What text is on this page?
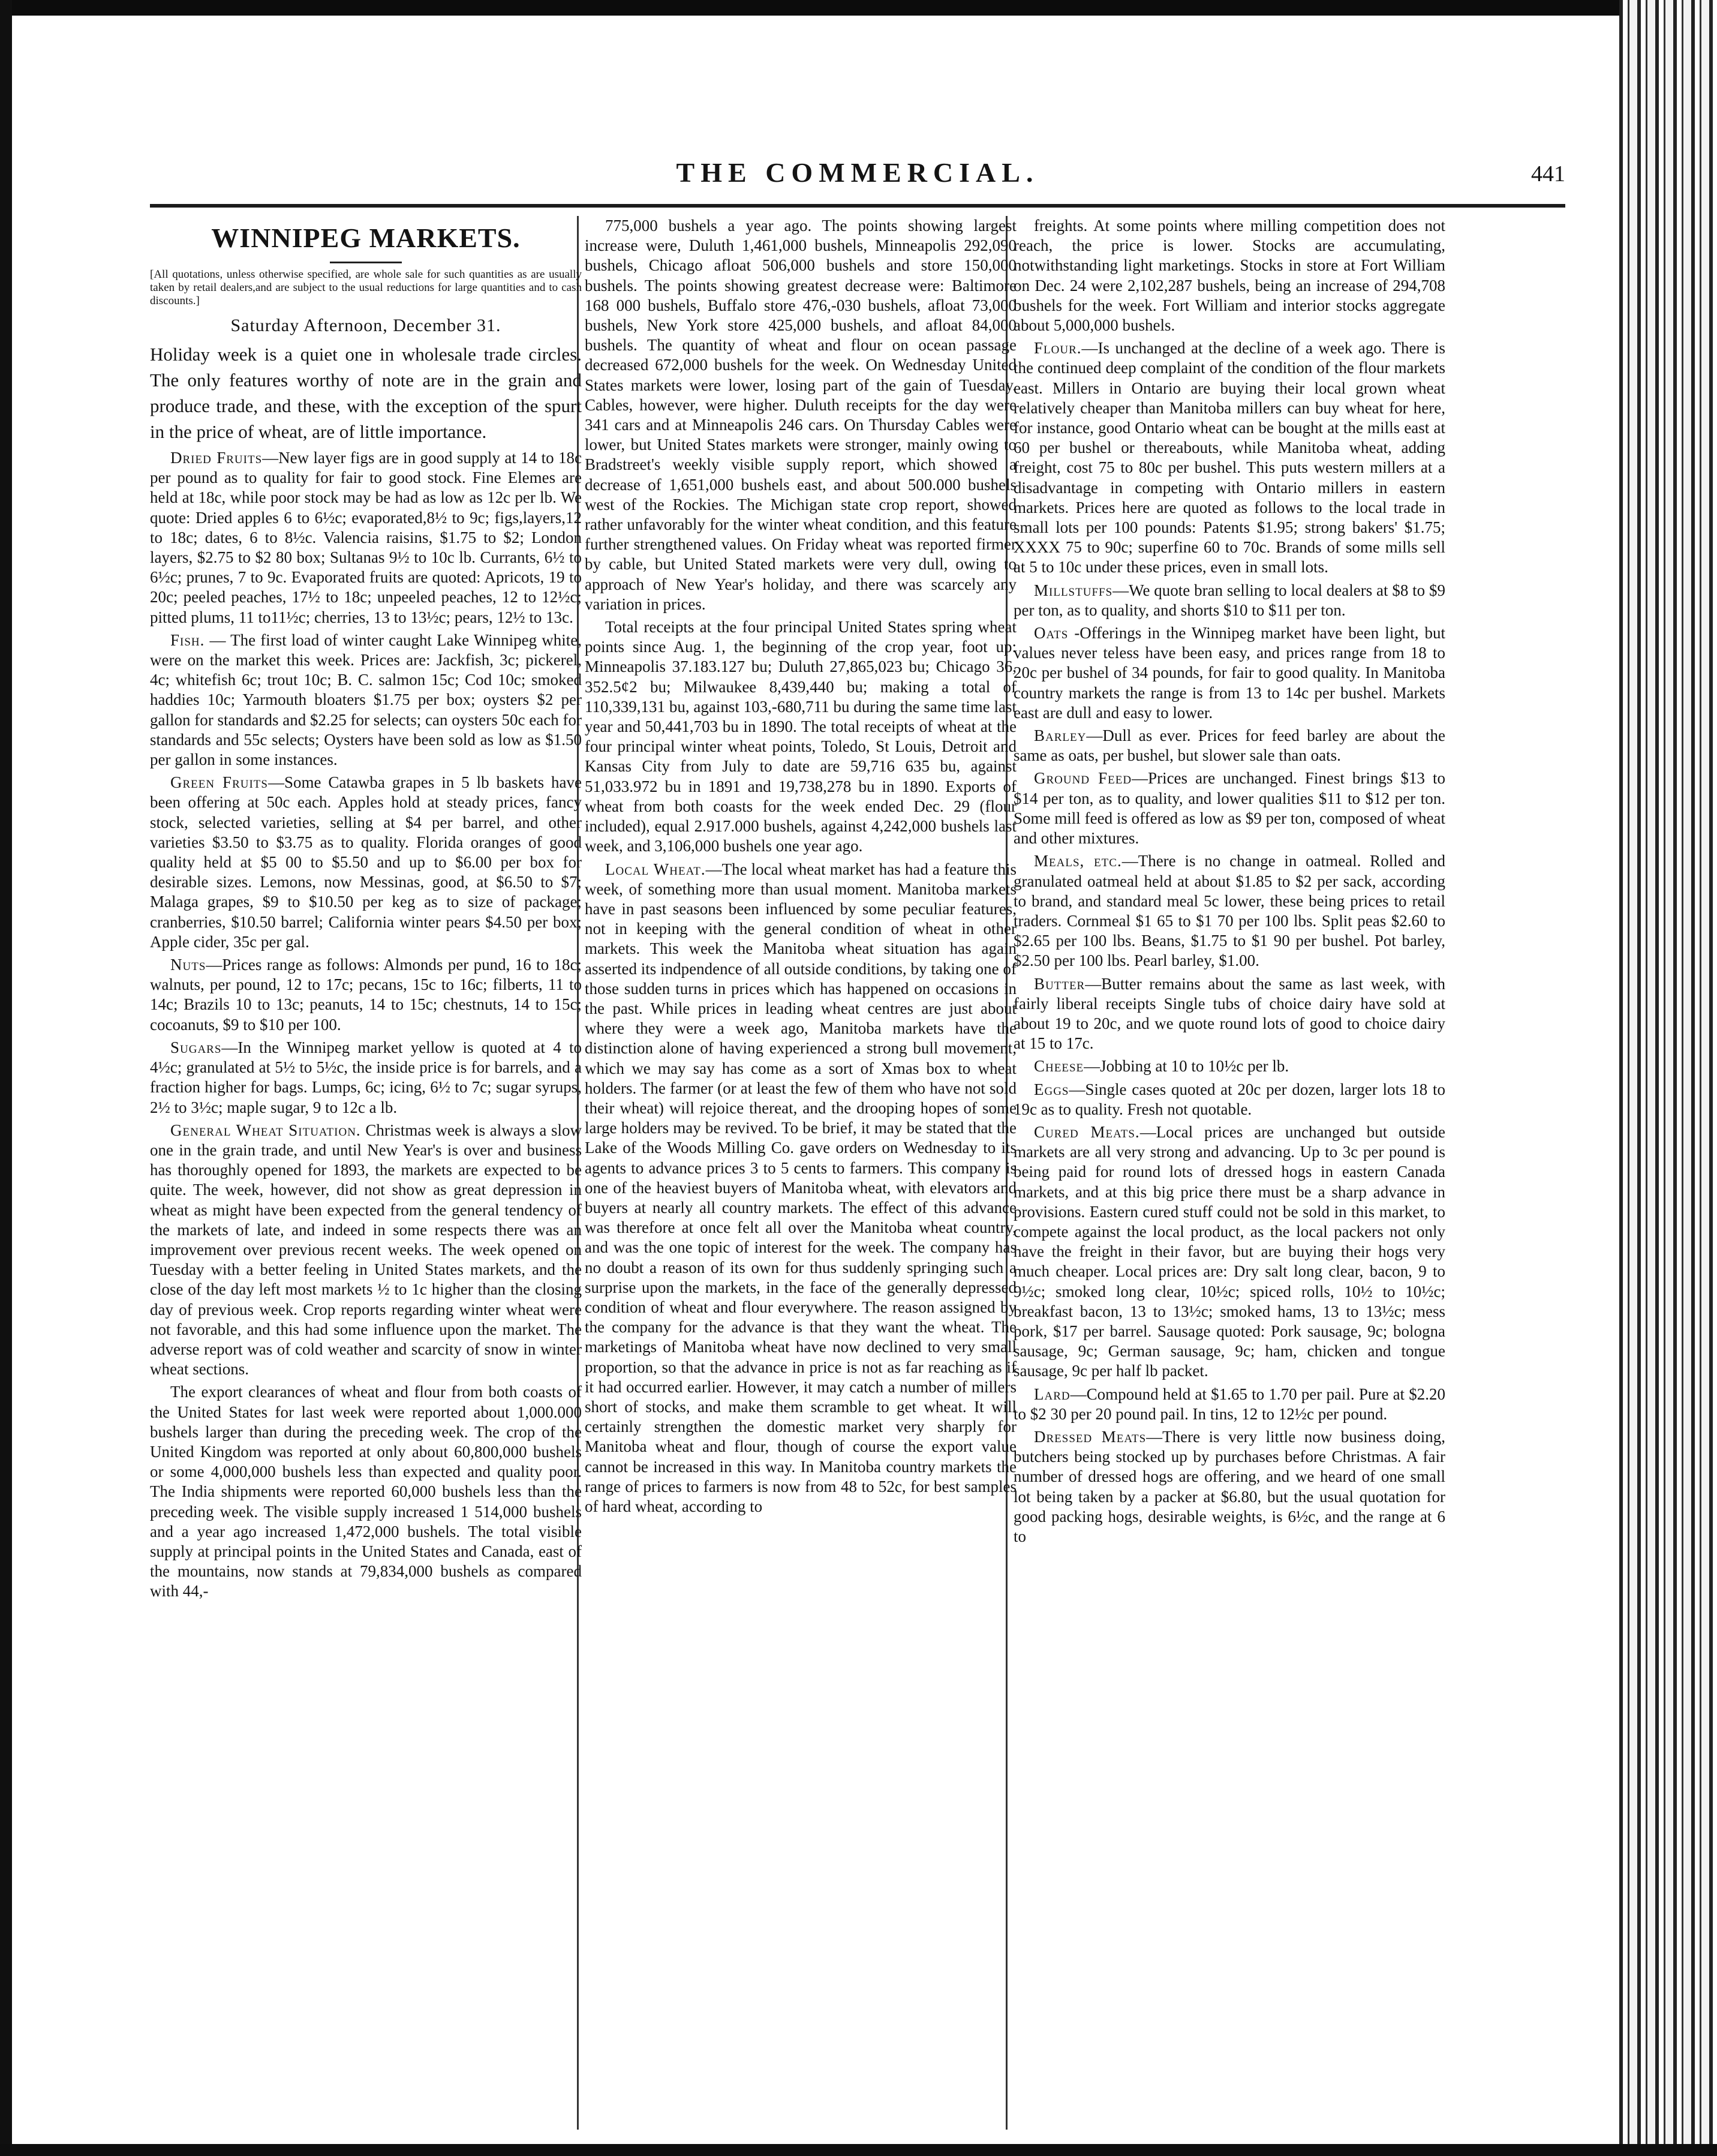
THE COMMERCIAL.	441
WINNIPEG MARKETS.
[All quotations, unless otherwise specified, are whole sale for such quantities as are usually taken by retail dealers,and are subject to the usual reductions for large quantities and to cash discounts.]
Saturday Afternoon, December 31.
Holiday week is a quiet one in wholesale trade circles. The only features worthy of note are in the grain and produce trade, and these, with the exception of the spurt in the price of wheat, are of little importance.

Dried Fruits—New layer figs are in good supply at 14 to 18c per pound as to quality for fair to good stock. Fine Elemes are held at 18c, while poor stock may be had as low as 12c per lb. We quote: Dried apples 6 to 6½c; evaporated,8½ to 9c; figs,layers,12 to 18c; dates, 6 to 8½c. Valencia raisins, $1.75 to $2; London layers, $2.75 to $2 80 box; Sultanas 9½ to 10c lb. Currants, 6½ to 6½c; prunes, 7 to 9c. Evaporated fruits are quoted: Apricots, 19 to 20c; peeled peaches, 17½ to 18c; unpeeled peaches, 12 to 12½c; pitted plums, 11 to11½c; cherries, 13 to 13½c; pears, 12½ to 13c.

Fish. — The first load of winter caught Lake Winnipeg white, were on the market this week. Prices are: Jackfish, 3c; pickerel, 4c; whitefish 6c; trout 10c; B. C. salmon 15c; Cod 10c; smoked haddies 10c; Yarmouth bloaters $1.75 per box; oysters $2 per gallon for standards and $2.25 for selects; can oysters 50c each for standards and 55c selects; Oysters have been sold as low as $1.50 per gallon in some instances.

Green Fruits—Some Catawba grapes in 5 lb baskets have been offering at 50c each. Apples hold at steady prices, fancy stock, selected varieties, selling at $4 per barrel, and other varieties $3.50 to $3.75 as to quality. Florida oranges of good quality held at $5 00 to $5.50 and up to $6.00 per box for desirable sizes. Lemons, now Messinas, good, at $6.50 to $7; Malaga grapes, $9 to $10.50 per keg as to size of package; cranberries, $10.50 barrel; California winter pears $4.50 per box; Apple cider, 35c per gal.

Nuts—Prices range as follows: Almonds per pund, 16 to 18c; walnuts, per pound, 12 to 17c; pecans, 15c to 16c; filberts, 11 to 14c; Brazils 10 to 13c; peanuts, 14 to 15c; chestnuts, 14 to 15c; cocoanuts, $9 to $10 per 100.

Sugars—In the Winnipeg market yellow is quoted at 4 to 4½c; granulated at 5½ to 5½c, the inside price is for barrels, and a fraction higher for bags. Lumps, 6c; icing, 6½ to 7c; sugar syrups, 2½ to 3½c; maple sugar, 9 to 12c a lb.

General Wheat Situation. Christmas week is always a slow one in the grain trade, and until New Year's is over and business has thoroughly opened for 1893, the markets are expected to be quite. The week, however, did not show as great depression in wheat as might have been expected from the general tendency of the markets of late, and indeed in some respects there was an improvement over previous recent weeks. The week opened on Tuesday with a better feeling in United States markets, and the close of the day left most markets ½ to 1c higher than the closing day of previous week. Crop reports regarding winter wheat were not favorable, and this had some influence upon the market. The adverse report was of cold weather and scarcity of snow in winter wheat sections.

The export clearances of wheat and flour from both coasts of the United States for last week were reported about 1,000.000 bushels larger than during the preceding week. The crop of the United Kingdom was reported at only about 60,800,000 bushels or some 4,000,000 bushels less than expected and quality poor. The India shipments were reported 60,000 bushels less than the preceding week. The visible supply increased 1 514,000 bushels and a year ago increased 1,472,000 bushels. The total visible supply at principal points in the United States and Canada, east of the mountains, now stands at 79,834,000 bushels as compared with 44,-

775,000 bushels a year ago. The points showing largest increase were, Duluth 1,461,000 bushels, Minneapolis 292,090 bushels, Chicago afloat 506,000 bushels and store 150,000 bushels. The points showing greatest decrease were: Baltimore 168 000 bushels, Buffalo store 476,-030 bushels, afloat 73,000 bushels, New York store 425,000 bushels, and afloat 84,000 bushels. The quantity of wheat and flour on ocean passage decreased 672,000 bushels for the week. On Wednesday United States markets were lower, losing part of the gain of Tuesday. Cables, however, were higher. Duluth receipts for the day were 341 cars and at Minneapolis 246 cars. On Thursday Cables were lower, but United States markets were stronger, mainly owing to Bradstreet's weekly visible supply report, which showed a decrease of 1,651,000 bushels east, and about 500.000 bushels west of the Rockies. The Michigan state crop report, showed rather unfavorably for the winter wheat condition, and this feature further strengthened values. On Friday wheat was reported firmer by cable, but United Stated markets were very dull, owing to approach of New Year's holiday, and there was scarcely any variation in prices.

Total receipts at the four principal United States spring wheat points since Aug. 1, the beginning of the crop year, foot up: Minneapolis 37.183.127 bu; Duluth 27,865,023 bu; Chicago 36, 352.5¢2 bu; Milwaukee 8,439,440 bu; making a total of 110,339,131 bu, against 103,-680,711 bu during the same time last year and 50,441,703 bu in 1890. The total receipts of wheat at the four principal winter wheat points, Toledo, St Louis, Detroit and Kansas City from July to date are 59,716 635 bu, against 51,033.972 bu in 1891 and 19,738,278 bu in 1890. Exports of wheat from both coasts for the week ended Dec. 29 (flour included), equal 2.917.000 bushels, against 4,242,000 bushels last week, and 3,106,000 bushels one year ago.

Local Wheat.—The local wheat market has had a feature this week, of something more than usual moment. Manitoba markets have in past seasons been influenced by some peculiar features, not in keeping with the general condition of wheat in other markets. This week the Manitoba wheat situation has again asserted its indpendence of all outside conditions, by taking one of those sudden turns in prices which has happened on occasions in the past. While prices in leading wheat centres are just about where they were a week ago, Manitoba markets have the distinction alone of having experienced a strong bull movement, which we may say has come as a sort of Xmas box to wheat holders. The farmer (or at least the few of them who have not sold their wheat) will rejoice thereat, and the drooping hopes of some large holders may be revived. To be brief, it may be stated that the Lake of the Woods Milling Co. gave orders on Wednesday to its agents to advance prices 3 to 5 cents to farmers. This company is one of the heaviest buyers of Manitoba wheat, with elevators and buyers at nearly all country markets. The effect of this advance was therefore at once felt all over the Manitoba wheat country, and was the one topic of interest for the week. The company has no doubt a reason of its own for thus suddenly springing such a surprise upon the markets, in the face of the generally depressed condition of wheat and flour everywhere. The reason assigned by the company for the advance is that they want the wheat. The marketings of Manitoba wheat have now declined to very small proportion, so that the advance in price is not as far reaching as if it had occurred earlier. However, it may catch a number of millers short of stocks, and make them scramble to get wheat. It will certainly strengthen the domestic market very sharply for Manitoba wheat and flour, though of course the export value cannot be increased in this way. In Manitoba country markets the range of prices to farmers is now from 48 to 52c, for best samples of hard wheat, according to

freights. At some points where milling competition does not reach, the price is lower. Stocks are accumulating, notwithstanding light marketings. Stocks in store at Fort William on Dec. 24 were 2,102,287 bushels, being an increase of 294,708 bushels for the week. Fort William and interior stocks aggregate about 5,000,000 bushels.

Flour.—Is unchanged at the decline of a week ago. There is the continued deep complaint of the condition of the flour markets east. Millers in Ontario are buying their local grown wheat relatively cheaper than Manitoba millers can buy wheat for here, for instance, good Ontario wheat can be bought at the mills east at 60 per bushel or thereabouts, while Manitoba wheat, adding freight, cost 75 to 80c per bushel. This puts western millers at a disadvantage in competing with Ontario millers in eastern markets. Prices here are quoted as follows to the local trade in small lots per 100 pounds: Patents $1.95; strong bakers' $1.75; XXXX 75 to 90c; superfine 60 to 70c. Brands of some mills sell at 5 to 10c under these prices, even in small lots.

Millstuffs—We quote bran selling to local dealers at $8 to $9 per ton, as to quality, and shorts $10 to $11 per ton.

Oats -Offerings in the Winnipeg market have been light, but values never teless have been easy, and prices range from 18 to 20c per bushel of 34 pounds, for fair to good quality. In Manitoba country markets the range is from 13 to 14c per bushel. Markets east are dull and easy to lower.

Barley—Dull as ever. Prices for feed barley are about the same as oats, per bushel, but slower sale than oats.

Ground Feed—Prices are unchanged. Finest brings $13 to $14 per ton, as to quality, and lower qualities $11 to $12 per ton. Some mill feed is offered as low as $9 per ton, composed of wheat and other mixtures.

Meals, etc.—There is no change in oatmeal. Rolled and granulated oatmeal held at about $1.85 to $2 per sack, according to brand, and standard meal 5c lower, these being prices to retail traders. Cornmeal $1 65 to $1 70 per 100 lbs. Split peas $2.60 to $2.65 per 100 lbs. Beans, $1.75 to $1 90 per bushel. Pot barley, $2.50 per 100 lbs. Pearl barley, $1.00.

Butter—Butter remains about the same as last week, with fairly liberal receipts Single tubs of choice dairy have sold at about 19 to 20c, and we quote round lots of good to choice dairy at 15 to 17c.

Cheese—Jobbing at 10 to 10½c per lb.

Eggs—Single cases quoted at 20c per dozen, larger lots 18 to 19c as to quality. Fresh not quotable.

Cured Meats.—Local prices are unchanged but outside markets are all very strong and advancing. Up to 3c per pound is being paid for round lots of dressed hogs in eastern Canada markets, and at this big price there must be a sharp advance in provisions. Eastern cured stuff could not be sold in this market, to compete against the local product, as the local packers not only have the freight in their favor, but are buying their hogs very much cheaper. Local prices are: Dry salt long clear, bacon, 9 to 9½c; smoked long clear, 10½c; spiced rolls, 10½ to 10½c; breakfast bacon, 13 to 13½c; smoked hams, 13 to 13½c; mess pork, $17 per barrel. Sausage quoted: Pork sausage, 9c; bologna sausage, 9c; German sausage, 9c; ham, chicken and tongue sausage, 9c per half lb packet.

Lard—Compound held at $1.65 to 1.70 per pail. Pure at $2.20 to $2 30 per 20 pound pail. In tins, 12 to 12½c per pound.

Dressed Meats—There is very little now business doing, butchers being stocked up by purchases before Christmas. A fair number of dressed hogs are offering, and we heard of one small lot being taken by a packer at $6.80, but the usual quotation for good packing hogs, desirable weights, is 6½c, and the range at 6 to
